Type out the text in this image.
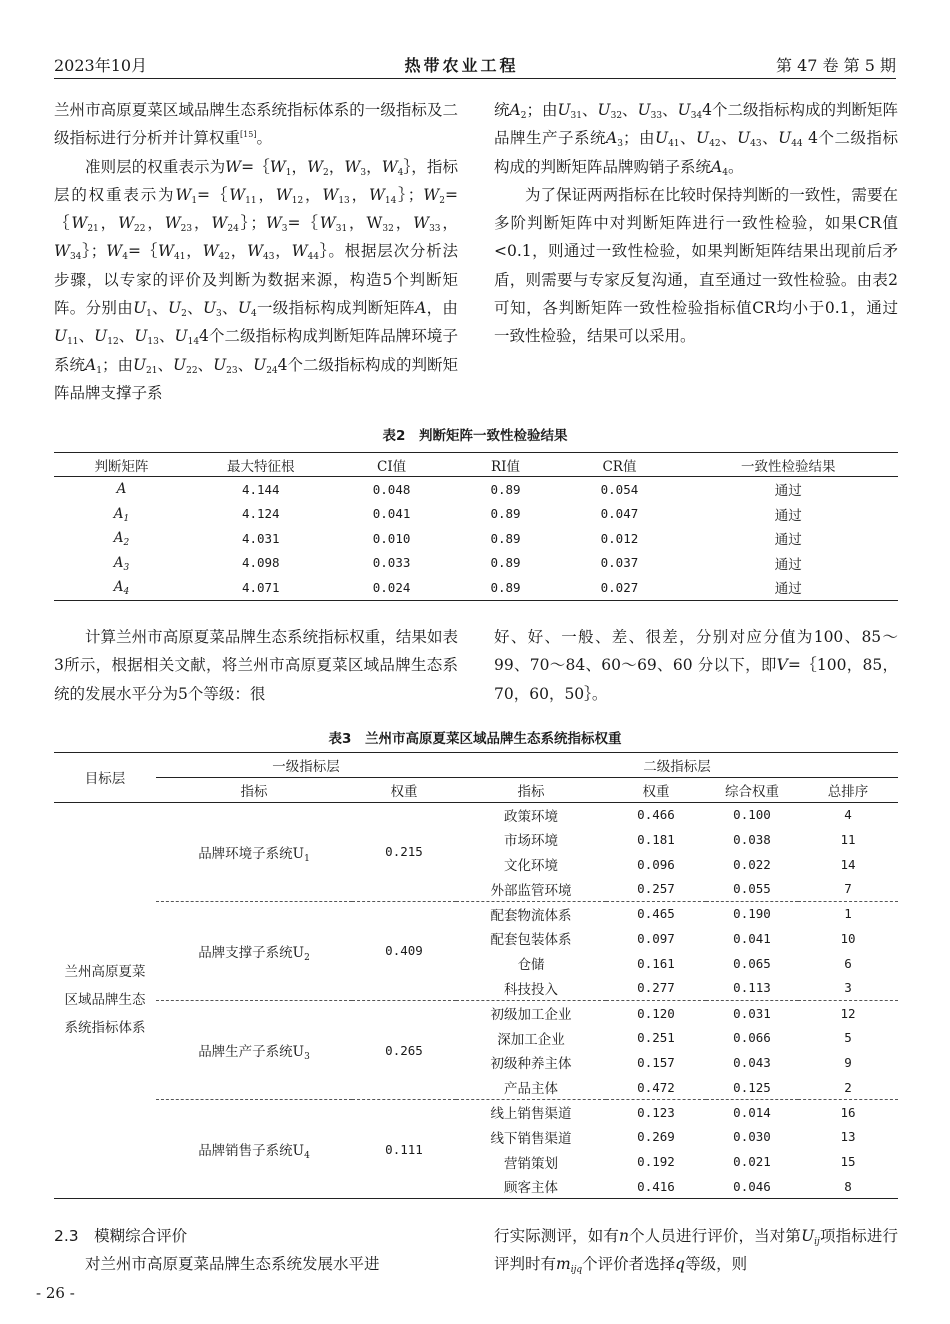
2023年10月	热带农业工程	第 47 卷 第 5 期

兰州市高原夏菜区域品牌生态系统指标体系的一级指标及二级指标进行分析并计算权重[15]。

准则层的权重表示为$W=\{W_1$，$W_2$，$W_3$，$W_4\}$，指标层的权重表示为$W_1=\{W_{11}$，$W_{12}$，$W_{13}$，$W_{14}\}$；$W_2=\{W_{21}$，$W_{22}$，$W_{23}$，$W_{24}\}$；$W_3=\{W_{31}$，$W_{32}$，$W_{33}$，$W_{34}\}$；$W_4=\{W_{41}$，$W_{42}$，$W_{43}$，$W_{44}\}$。根据层次分析法步骤，以专家的评价及判断为数据来源，构造5个判断矩阵。分别由$U_1$、$U_2$、$U_3$、$U_4$一级指标构成判断矩阵A，由$U_{11}$、$U_{12}$、$U_{13}$、$U_{14}4$个二级指标构成判断矩阵品牌环境子系统$A_1$；由$U_{21}$、$U_{22}$、$U_{23}$、$U_{24}4$个二级指标构成的判断矩阵品牌支撑子系

统$A_2$；由$U_{31}$、$U_{32}$、$U_{33}$、$U_{34}4$个二级指标构成的判断矩阵品牌生产子系统$A_3$；由$U_{41}$、$U_{42}$、$U_{43}$、$U_{44}$ 4个二级指标构成的判断矩阵品牌购销子系统$A_4$。

为了保证两两指标在比较时保持判断的一致性，需要在多阶判断矩阵中对判断矩阵进行一致性检验，如果CR值<0.1，则通过一致性检验，如果判断矩阵结果出现前后矛盾，则需要与专家反复沟通，直至通过一致性检验。由表2可知，各判断矩阵一致性检验指标值CR均小于0.1，通过一致性检验，结果可以采用。

表2　判断矩阵一致性检验结果
判断矩阵	最大特征根	CI值	RI值	CR值	一致性检验结果
A	4.144	0.048	0.89	0.054	通过
$A_1$	4.124	0.041	0.89	0.047	通过
$A_2$	4.031	0.010	0.89	0.012	通过
$A_3$	4.098	0.033	0.89	0.037	通过
$A_4$	4.071	0.024	0.89	0.027	通过

计算兰州市高原夏菜品牌生态系统指标权重，结果如表3所示，根据相关文献，将兰州市高原夏菜区域品牌生态系统的发展水平分为5个等级：很

好、好、一般、差、很差，分别对应分值为100、85～99、70～84、60～69、60 分以下，即V=｛100，85，70，60，50｝。

表3　兰州市高原夏菜区域品牌生态系统指标权重
目标层	一级指标层		二级指标层			
	指标	权重	指标	权重	综合权重	总排序

兰州高原夏菜
区域品牌生态
系统指标体系	品牌环境子系统$U_1$	0.215	政策环境	0.466	0.100	4
			市场环境	0.181	0.038	11
			文化环境	0.096	0.022	14
			外部监管环境	0.257	0.055	7
	品牌支撑子系统$U_2$	0.409	配套物流体系	0.465	0.190	1
			配套包装体系	0.097	0.041	10
			仓储	0.161	0.065	6
			科技投入	0.277	0.113	3
	品牌生产子系统$U_3$	0.265	初级加工企业	0.120	0.031	12
			深加工企业	0.251	0.066	5
			初级种养主体	0.157	0.043	9
			产品主体	0.472	0.125	2
	品牌销售子系统$U_4$	0.111	线上销售渠道	0.123	0.014	16
			线下销售渠道	0.269	0.030	13
			营销策划	0.192	0.021	15
			顾客主体	0.416	0.046	8

2.3　 模糊综合评价

对兰州市高原夏菜品牌生态系统发展水平进

行实际测评，如有n个人员进行评价，当对第$U_{ij}$项指标进行评判时有$m_{ijq}$个评价者选择q等级，则

- 26 -
